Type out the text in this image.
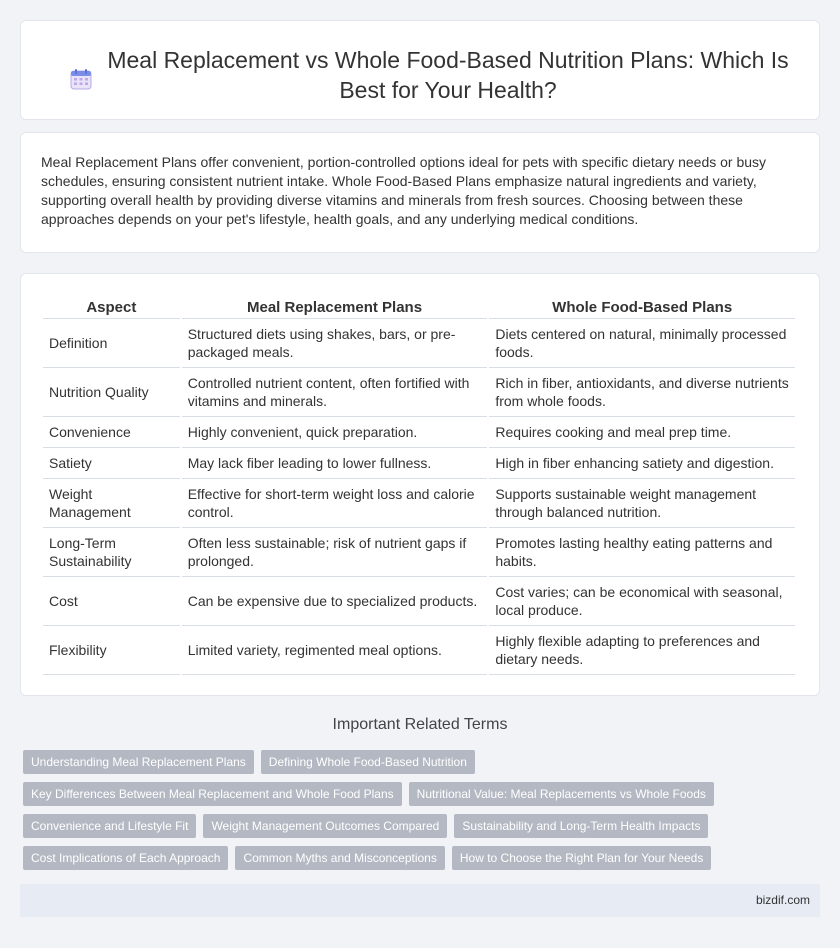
Meal Replacement vs Whole Food-Based Nutrition Plans: Which Is Best for Your Health?

Meal Replacement Plans offer convenient, portion-controlled options ideal for pets with specific dietary needs or busy schedules, ensuring consistent nutrient intake. Whole Food-Based Plans emphasize natural ingredients and variety, supporting overall health by providing diverse vitamins and minerals from fresh sources. Choosing between these approaches depends on your pet's lifestyle, health goals, and any underlying medical conditions.

Aspect	Meal Replacement Plans	Whole Food-Based Plans
Definition	Structured diets using shakes, bars, or pre-packaged meals.	Diets centered on natural, minimally processed foods.
Nutrition Quality	Controlled nutrient content, often fortified with vitamins and minerals.	Rich in fiber, antioxidants, and diverse nutrients from whole foods.
Convenience	Highly convenient, quick preparation.	Requires cooking and meal prep time.
Satiety	May lack fiber leading to lower fullness.	High in fiber enhancing satiety and digestion.
Weight Management	Effective for short-term weight loss and calorie control.	Supports sustainable weight management through balanced nutrition.
Long-Term Sustainability	Often less sustainable; risk of nutrient gaps if prolonged.	Promotes lasting healthy eating patterns and habits.
Cost	Can be expensive due to specialized products.	Cost varies; can be economical with seasonal, local produce.
Flexibility	Limited variety, regimented meal options.	Highly flexible adapting to preferences and dietary needs.
Important Related Terms
Understanding Meal Replacement Plans	Defining Whole Food-Based Nutrition
Key Differences Between Meal Replacement and Whole Food Plans	Nutritional Value: Meal Replacements vs Whole Foods
Convenience and Lifestyle Fit	Weight Management Outcomes Compared	Sustainability and Long-Term Health Impacts
Cost Implications of Each Approach	Common Myths and Misconceptions	How to Choose the Right Plan for Your Needs
bizdif.com
